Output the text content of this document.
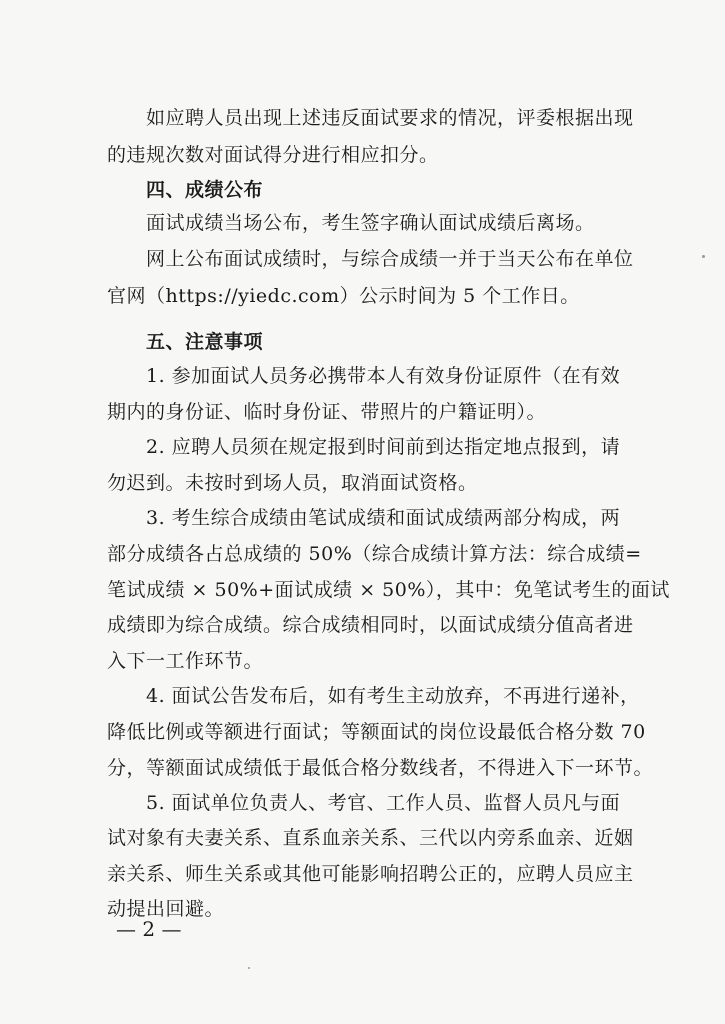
如应聘人员出现上述违反面试要求的情况，评委根据出现
的违规次数对面试得分进行相应扣分。
四、成绩公布
面试成绩当场公布，考生签字确认面试成绩后离场。
网上公布面试成绩时，与综合成绩一并于当天公布在单位
官网（https://yiedc.com）公示时间为 5 个工作日。
五、注意事项
1. 参加面试人员务必携带本人有效身份证原件（在有效
期内的身份证、临时身份证、带照片的户籍证明）。
2. 应聘人员须在规定报到时间前到达指定地点报到，请
勿迟到。未按时到场人员，取消面试资格。
3. 考生综合成绩由笔试成绩和面试成绩两部分构成，两
部分成绩各占总成绩的 50%（综合成绩计算方法：综合成绩=
笔试成绩 × 50%+面试成绩 × 50%），其中：免笔试考生的面试
成绩即为综合成绩。综合成绩相同时，以面试成绩分值高者进
入下一工作环节。
4. 面试公告发布后，如有考生主动放弃，不再进行递补，
降低比例或等额进行面试；等额面试的岗位设最低合格分数 70
分，等额面试成绩低于最低合格分数线者，不得进入下一环节。
5. 面试单位负责人、考官、工作人员、监督人员凡与面
试对象有夫妻关系、直系血亲关系、三代以内旁系血亲、近姻
亲关系、师生关系或其他可能影响招聘公正的，应聘人员应主
动提出回避。
— 2 —
